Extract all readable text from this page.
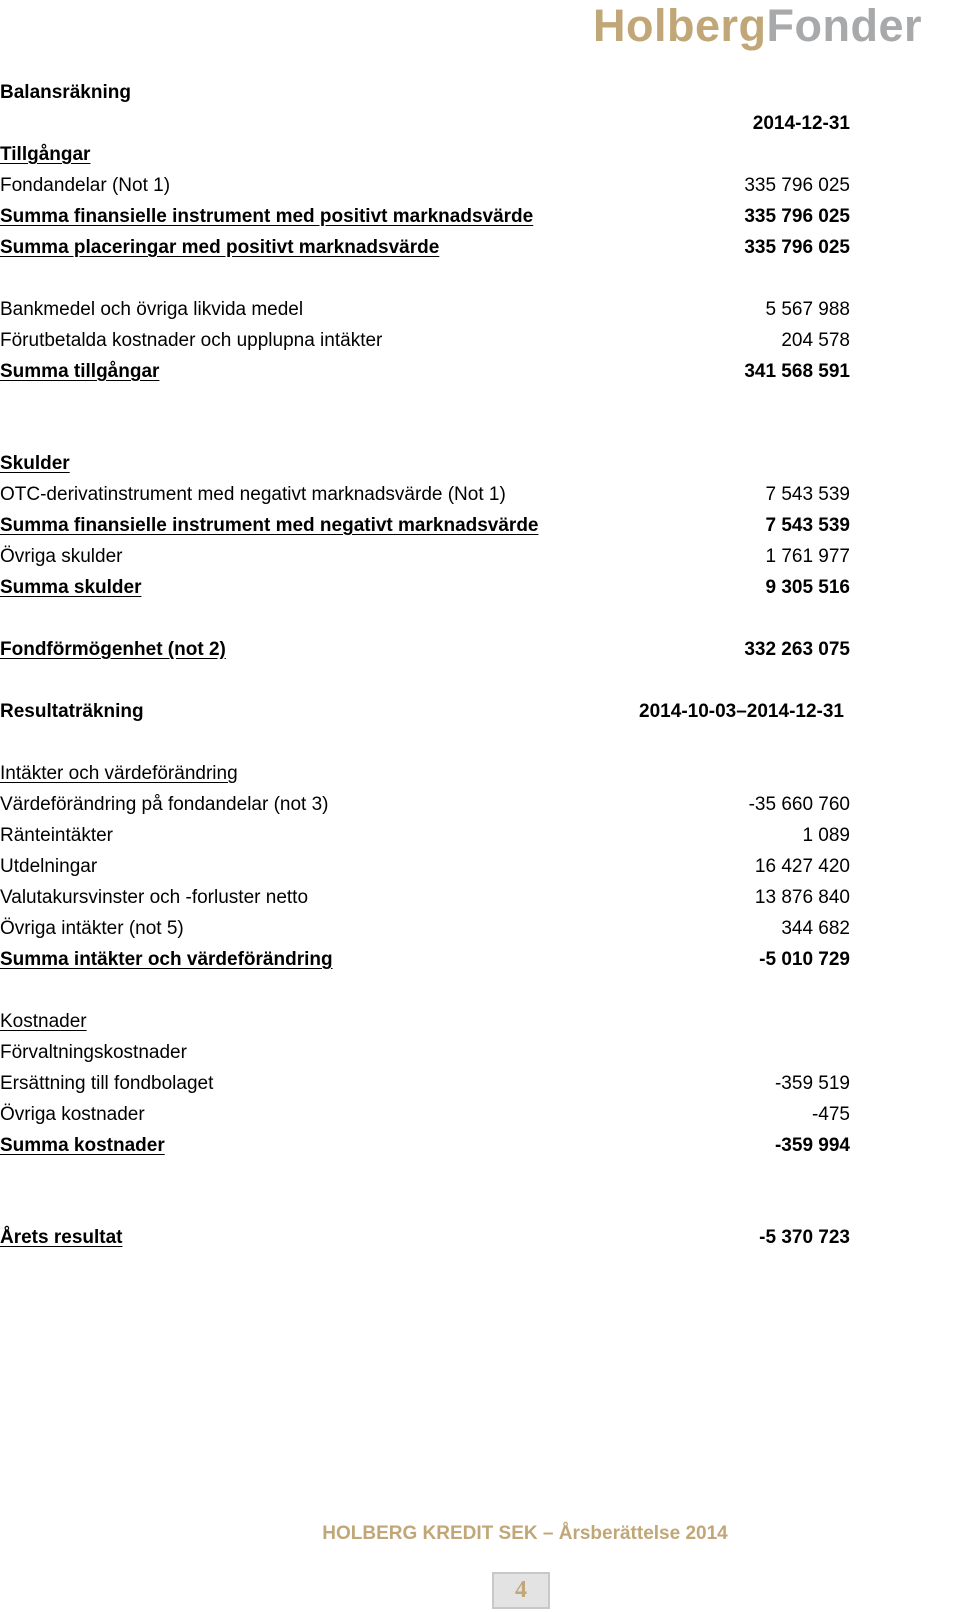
HolbergFonder
Balansräkning
2014-12-31
Tillgångar
Fondandelar (Not 1)	335 796 025
Summa finansielle instrument med positivt marknadsvärde	335 796 025
Summa placeringar med positivt marknadsvärde	335 796 025
Bankmedel och övriga likvida medel	5 567 988
Förutbetalda kostnader och upplupna intäkter	204 578
Summa tillgångar	341 568 591
Skulder
OTC-derivatinstrument med negativt marknadsvärde (Not 1)	7 543 539
Summa finansielle instrument med negativt marknadsvärde	7 543 539
Övriga skulder	1 761 977
Summa skulder	9 305 516
Fondförmögenhet (not 2)	332 263 075
Resultaträkning	2014-10-03–2014-12-31
Intäkter och värdeförändring
Värdeförändring på fondandelar (not 3)	-35 660 760
Ränteintäkter	1 089
Utdelningar	16 427 420
Valutakursvinster och -forluster netto	13 876 840
Övriga intäkter (not 5)	344 682
Summa intäkter och värdeförändring	-5 010 729
Kostnader
Förvaltningskostnader
Ersättning till fondbolaget	-359 519
Övriga kostnader	-475
Summa kostnader	-359 994
Årets resultat	-5 370 723
HOLBERG KREDIT SEK – Årsberättelse 2014
4
